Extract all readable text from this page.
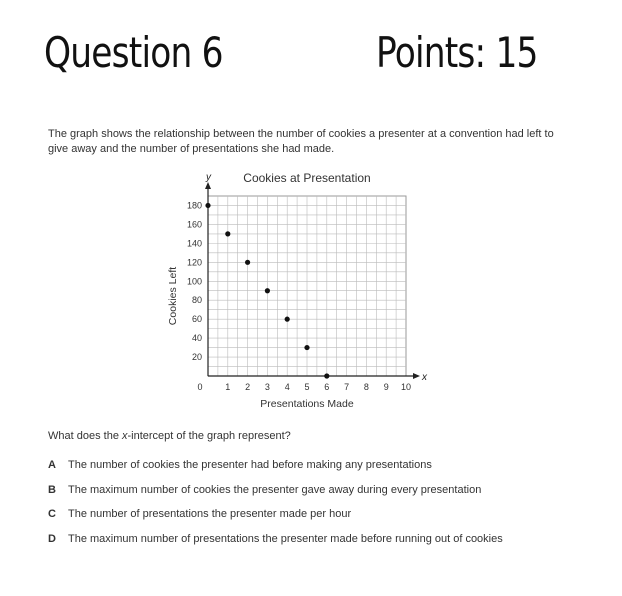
Question 6	Points: 15
The graph shows the relationship between the number of cookies a presenter at a convention had left to give away and the number of presentations she had made.
Cookies at Presentation
x
y
0	1 2 3 4 5 6 7 8 9 10
20
40
60
80
100
120
140
160
180
Presentations Made
Cookies Left
What does the x-intercept of the graph represent?
A The number of cookies the presenter had before making any presentations
B The maximum number of cookies the presenter gave away during every presentation
C The number of presentations the presenter made per hour
D The maximum number of presentations the presenter made before running out of cookies
